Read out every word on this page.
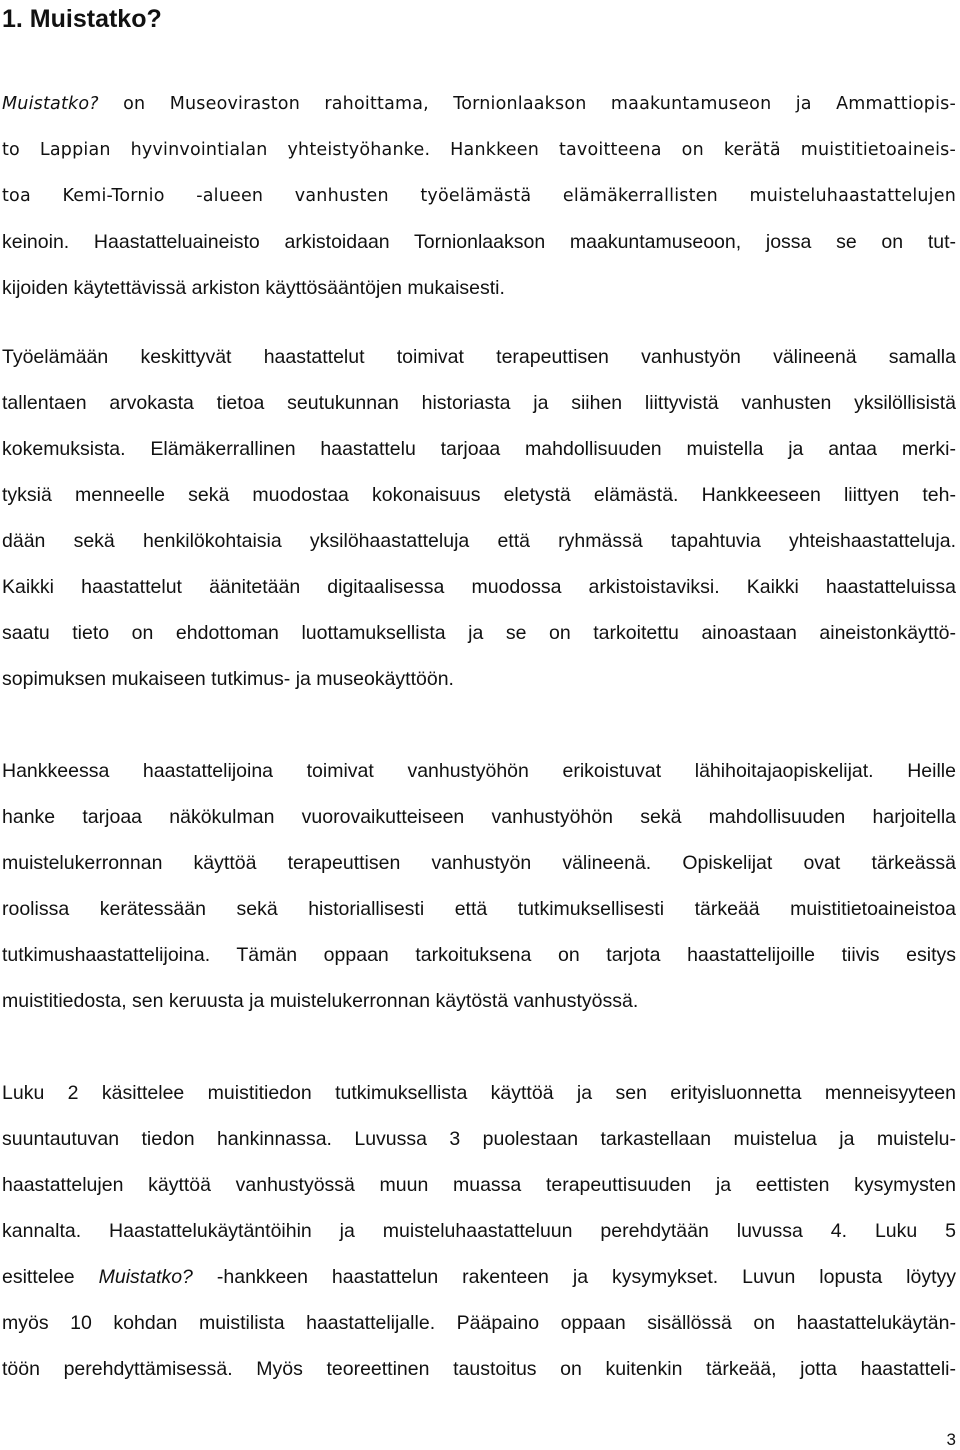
1. Muistatko?
Muistatko? on Museoviraston rahoittama, Tornionlaakson maakuntamuseon ja Ammattiopis-
to Lappian hyvinvointialan yhteistyöhanke. Hankkeen tavoitteena on kerätä muistitietoaineis-
toa Kemi-Tornio -alueen vanhusten työelämästä elämäkerrallisten muisteluhaastattelujen
keinoin. Haastatteluaineisto arkistoidaan Tornionlaakson maakuntamuseoon, jossa se on tut-
kijoiden käytettävissä arkiston käyttösääntöjen mukaisesti.
Työelämään keskittyvät haastattelut toimivat terapeuttisen vanhustyön välineenä samalla
tallentaen arvokasta tietoa seutukunnan historiasta ja siihen liittyvistä vanhusten yksilöllisistä
kokemuksista. Elämäkerrallinen haastattelu tarjoaa mahdollisuuden muistella ja antaa merki-
tyksiä menneelle sekä muodostaa kokonaisuus eletystä elämästä. Hankkeeseen liittyen teh-
dään sekä henkilökohtaisia yksilöhaastatteluja että ryhmässä tapahtuvia yhteishaastatteluja.
Kaikki haastattelut äänitetään digitaalisessa muodossa arkistoistaviksi. Kaikki haastatteluissa
saatu tieto on ehdottoman luottamuksellista ja se on tarkoitettu ainoastaan aineistonkäyttö-
sopimuksen mukaiseen tutkimus- ja museokäyttöön.
Hankkeessa haastattelijoina toimivat vanhustyöhön erikoistuvat lähihoitajaopiskelijat. Heille
hanke tarjoaa näkökulman vuorovaikutteiseen vanhustyöhön sekä mahdollisuuden harjoitella
muistelukerronnan käyttöä terapeuttisen vanhustyön välineenä. Opiskelijat ovat tärkeässä
roolissa kerätessään sekä historiallisesti että tutkimuksellisesti tärkeää muistitietoaineistoa
tutkimushaastattelijoina. Tämän oppaan tarkoituksena on tarjota haastattelijoille tiivis esitys
muistitiedosta, sen keruusta ja muistelukerronnan käytöstä vanhustyössä.
Luku 2 käsittelee muistitiedon tutkimuksellista käyttöä ja sen erityisluonnetta menneisyyteen
suuntautuvan tiedon hankinnassa. Luvussa 3 puolestaan tarkastellaan muistelua ja muistelu-
haastattelujen käyttöä vanhustyössä muun muassa terapeuttisuuden ja eettisten kysymysten
kannalta. Haastattelukäytäntöihin ja muisteluhaastatteluun perehdytään luvussa 4. Luku 5
esittelee Muistatko? -hankkeen haastattelun rakenteen ja kysymykset. Luvun lopusta löytyy
myös 10 kohdan muistilista haastattelijalle. Pääpaino oppaan sisällössä on haastattelukäytän-
töön perehdyttämisessä. Myös teoreettinen taustoitus on kuitenkin tärkeää, jotta haastatteli-
3
